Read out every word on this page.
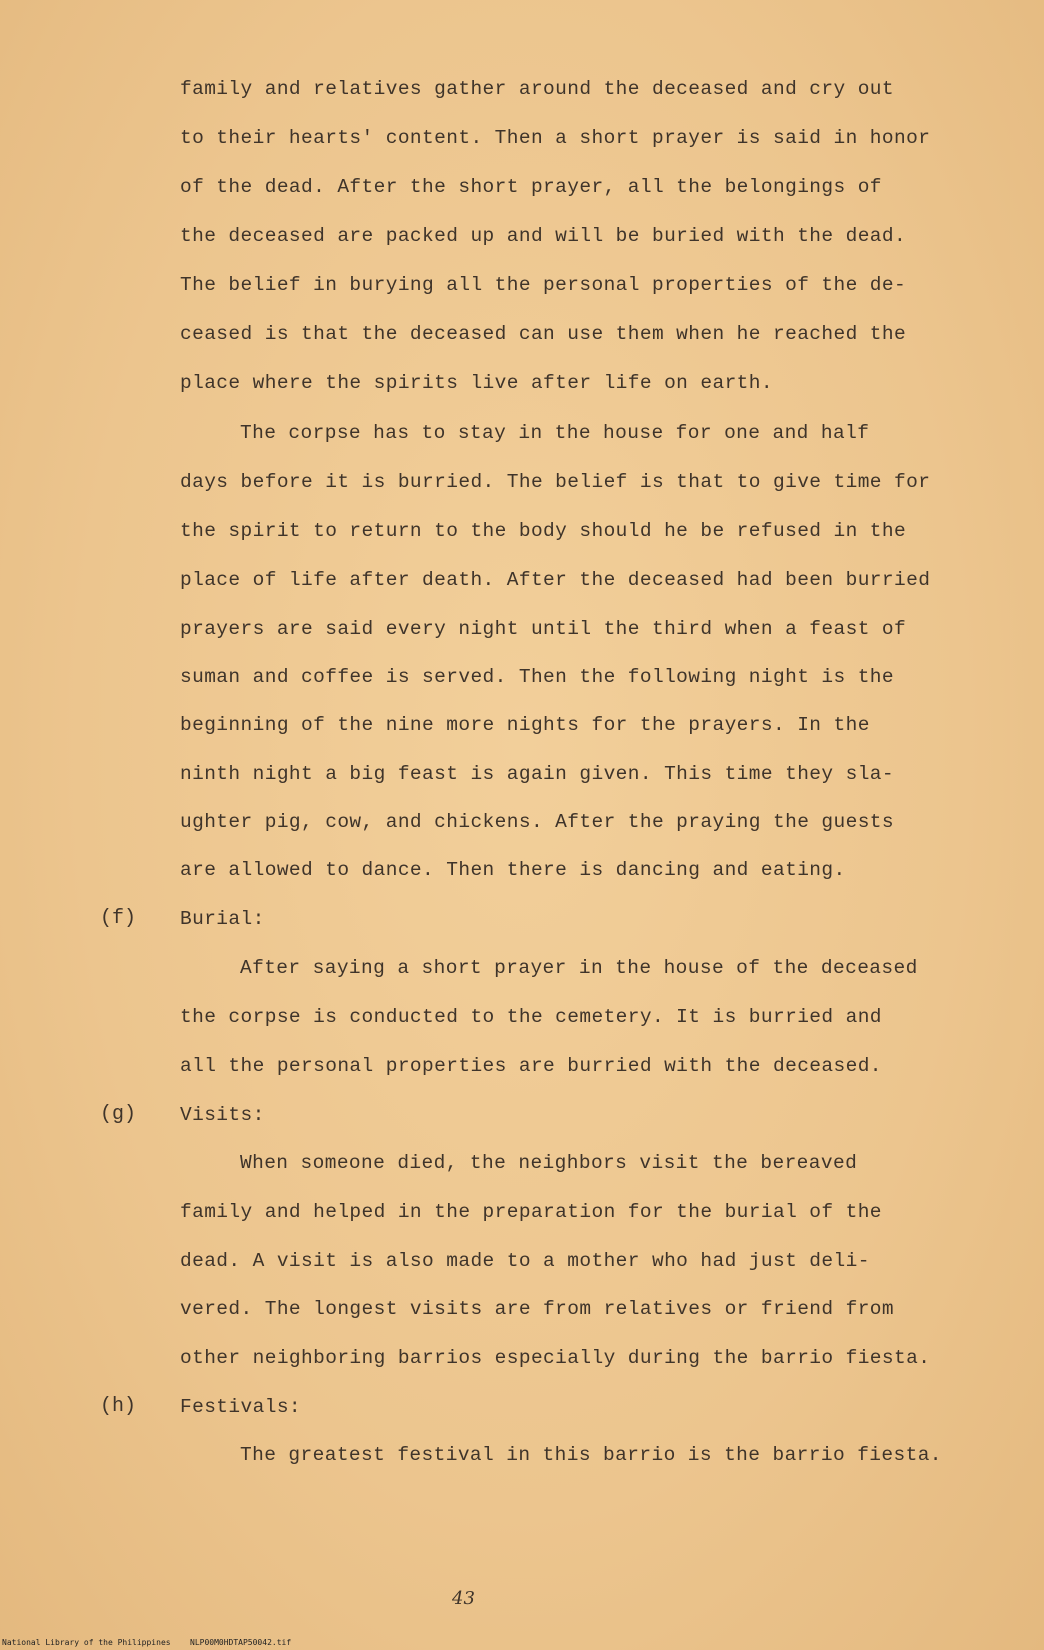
family and relatives gather around the deceased and cry out
to their hearts' content. Then a short prayer is said in honor
of the dead. After the short prayer, all the belongings of
the deceased are packed up and will be buried with the dead.
The belief in burying all the personal properties of the de-
ceased is that the deceased can use them when he reached the
place where the spirits live after life on earth.
The corpse has to stay in the house for one and half
days before it is burried. The belief is that to give time for
the spirit to return to the body should he be refused in the
place of life after death. After the deceased had been burried
prayers are said every night until the third when a feast of
suman and coffee is served. Then the following night is the
beginning of the nine more nights for the prayers. In the
ninth night a big feast is again given. This time they sla-
ughter pig, cow, and chickens. After the praying the guests
are allowed to dance. Then there is dancing and eating.
(f) Burial:
After saying a short prayer in the house of the deceased
the corpse is conducted to the cemetery. It is burried and
all the personal properties are burried with the deceased.
(g) Visits:
When someone died, the neighbors visit the bereaved
family and helped in the preparation for the burial of the
dead. A visit is also made to a mother who had just deli-
vered. The longest visits are from relatives or friend from
other neighboring barrios especially during the barrio fiesta.
(h) Festivals:
The greatest festival in this barrio is the barrio fiesta.
43
National Library of the Philippines NLP00M0HDTAP50042.tif
